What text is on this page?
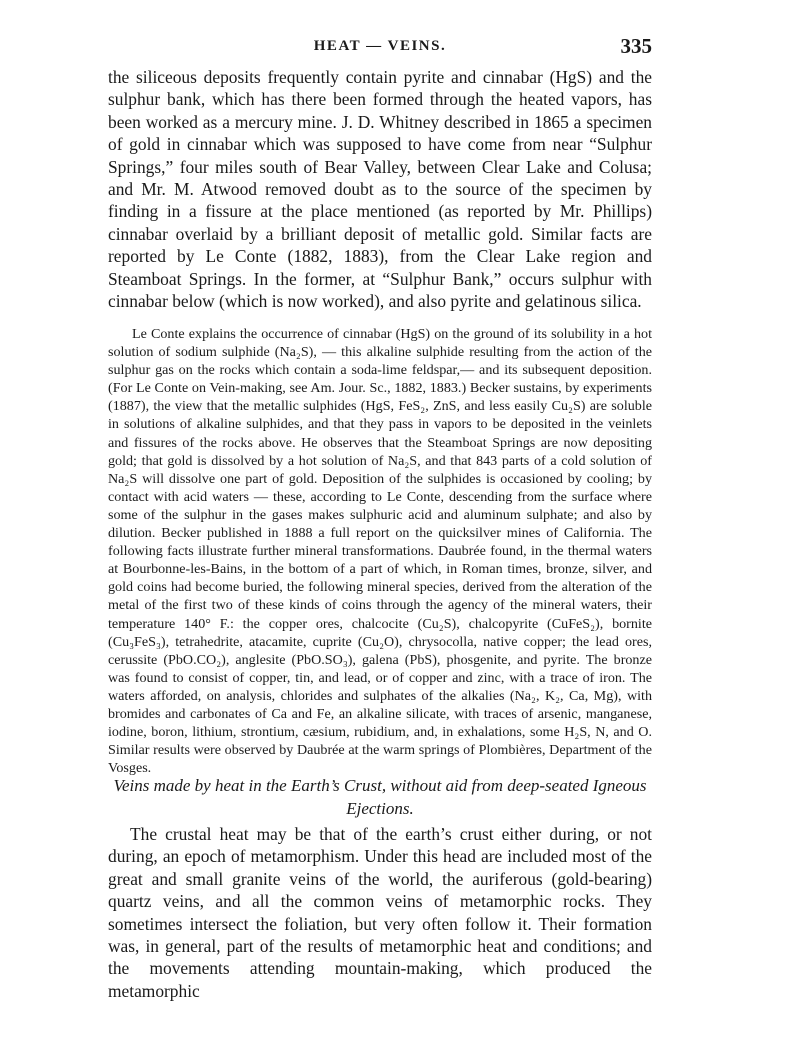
HEAT — VEINS.	335

the siliceous deposits frequently contain pyrite and cinnabar (HgS) and the sulphur bank, which has there been formed through the heated vapors, has been worked as a mercury mine. J. D. Whitney described in 1865 a specimen of gold in cinnabar which was supposed to have come from near “Sulphur Springs,” four miles south of Bear Valley, between Clear Lake and Colusa; and Mr. M. Atwood removed doubt as to the source of the specimen by finding in a fissure at the place mentioned (as reported by Mr. Phillips) cinnabar overlaid by a brilliant deposit of metallic gold. Similar facts are reported by Le Conte (1882, 1883), from the Clear Lake region and Steamboat Springs. In the former, at “Sulphur Bank,” occurs sulphur with cinnabar below (which is now worked), and also pyrite and gelatinous silica.

Le Conte explains the occurrence of cinnabar (HgS) on the ground of its solubility in a hot solution of sodium sulphide (Na₂S), — this alkaline sulphide resulting from the action of the sulphur gas on the rocks which contain a soda-lime feldspar,— and its subsequent deposition. (For Le Conte on Vein-making, see Am. Jour. Sc., 1882, 1883.) Becker sustains, by experiments (1887), the view that the metallic sulphides (HgS, FeS₂, ZnS, and less easily Cu₂S) are soluble in solutions of alkaline sulphides, and that they pass in vapors to be deposited in the veinlets and fissures of the rocks above. He observes that the Steamboat Springs are now depositing gold; that gold is dissolved by a hot solution of Na₂S, and that 843 parts of a cold solution of Na₂S will dissolve one part of gold. Deposition of the sulphides is occasioned by cooling; by contact with acid waters — these, according to Le Conte, descending from the surface where some of the sulphur in the gases makes sulphuric acid and aluminum sulphate; and also by dilution. Becker published in 1888 a full report on the quicksilver mines of California. The following facts illustrate further mineral transformations. Daubrée found, in the thermal waters at Bourbonne-les-Bains, in the bottom of a part of which, in Roman times, bronze, silver, and gold coins had become buried, the following mineral species, derived from the alteration of the metal of the first two of these kinds of coins through the agency of the mineral waters, their temperature 140° F.: the copper ores, chalcocite (Cu₂S), chalcopyrite (CuFeS₂), bornite (Cu₃FeS₃), tetrahedrite, atacamite, cuprite (Cu₂O), chrysocolla, native copper; the lead ores, cerussite (PbO.CO₂), anglesite (PbO.SO₃), galena (PbS), phosgenite, and pyrite. The bronze was found to consist of copper, tin, and lead, or of copper and zinc, with a trace of iron. The waters afforded, on analysis, chlorides and sulphates of the alkalies (Na₂, K₂, Ca, Mg), with bromides and carbonates of Ca and Fe, an alkaline silicate, with traces of arsenic, manganese, iodine, boron, lithium, strontium, cæsium, rubidium, and, in exhalations, some H₂S, N, and O. Similar results were observed by Daubrée at the warm springs of Plombières, Department of the Vosges.

Veins made by heat in the Earth’s Crust, without aid from deep-seated Igneous Ejections.

The crustal heat may be that of the earth’s crust either during, or not during, an epoch of metamorphism. Under this head are included most of the great and small granite veins of the world, the auriferous (gold-bearing) quartz veins, and all the common veins of metamorphic rocks. They sometimes intersect the foliation, but very often follow it. Their formation was, in general, part of the results of metamorphic heat and conditions; and the movements attending mountain-making, which produced the metamorphic
